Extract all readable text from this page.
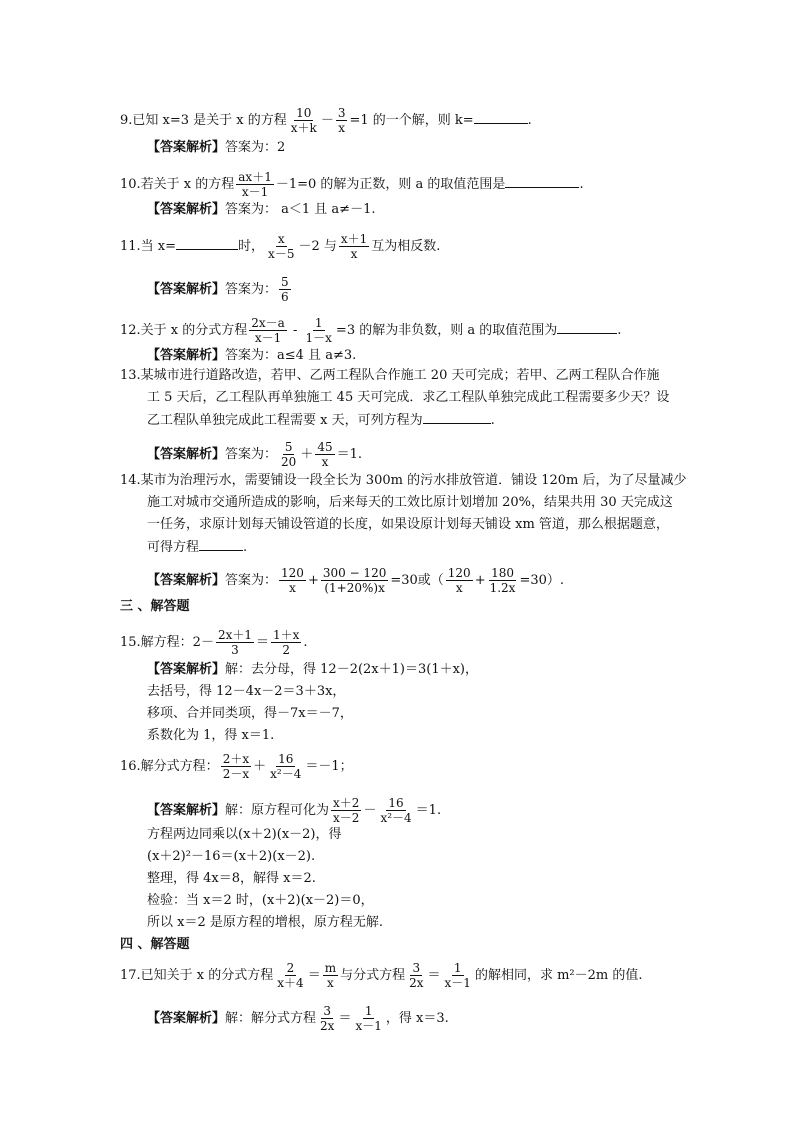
9.已知 x=3 是关于 x 的方程 $\frac{10}{x+k} - \frac{3}{x} =1$ 的一个解，则 k=	.
【答案解析】答案为：2
10.若关于 x 的方程 $\frac{ax+1}{x-1} -1=0$ 的解为正数，则 a 的取值范围是	.
【答案解析】答案为： a＜1 且 a≠－1.
11.当 x=	时， $\frac{x}{x-5} -2$ 与 $\frac{x+1}{x}$ 互为相反数.
【答案解析】答案为： $\frac{5}{6}$
12.关于 x 的分式方程 $\frac{2x-a}{x-1} - \frac{1}{1-x} =3$ 的解为非负数，则 a 的取值范围为	.
【答案解析】答案为：a≤4 且 a≠3.
13.某城市进行道路改造，若甲、乙两工程队合作施工 20 天可完成；若甲、乙两工程队合作施
工 5 天后，乙工程队再单独施工 45 天可完成．求乙工程队单独完成此工程需要多少天？设
乙工程队单独完成此工程需要 x 天，可列方程为	.
【答案解析】答案为： $\frac{5}{20} + \frac{45}{x} =1$.
14.某市为治理污水，需要铺设一段全长为 300m 的污水排放管道．铺设 120m 后，为了尽量减少
施工对城市交通所造成的影响，后来每天的工效比原计划增加 20%，结果共用 30 天完成这
一任务，求原计划每天铺设管道的长度，如果设原计划每天铺设 xm 管道，那么根据题意，
可得方程	.
【答案解析】答案为： $\frac{120}{x} + \frac{300 - 120}{(1+20\%)x} =30$或（ $\frac{120}{x} + \frac{180}{1.2x} =30$）.
三 、解答题
15.解方程：$2- \frac{2x+1}{3} = \frac{1+x}{2}$ .
【答案解析】解：去分母，得 12－2(2x＋1)＝3(1＋x)，
去括号，得 12－4x－2＝3＋3x，
移项、合并同类项，得－7x＝－7，
系数化为 1，得 x＝1.
16.解分式方程： $\frac{2+x}{2-x} + \frac{16}{\text{x²－4}} =-1$；
【答案解析】解：原方程可化为 $\frac{x+2}{x-2} - \frac{16}{\text{x²－4}} =1$.
方程两边同乘以(x＋2)(x－2)，得
(x＋2)²－16＝(x＋2)(x－2).
整理，得 4x＝8，解得 x＝2.
检验：当 x＝2 时，(x＋2)(x－2)＝0，
所以 x＝2 是原方程的增根，原方程无解.
四 、解答题
17.已知关于 x 的分式方程 $\frac{2}{x+4} = \frac{m}{x}$ 与分式方程 $\frac{3}{2x} = \frac{1}{x-1}$ 的解相同，求 m²－2m 的值.
【答案解析】解：解分式方程 $\frac{3}{2x} = \frac{1}{x-1}$ ，得 x＝3.
